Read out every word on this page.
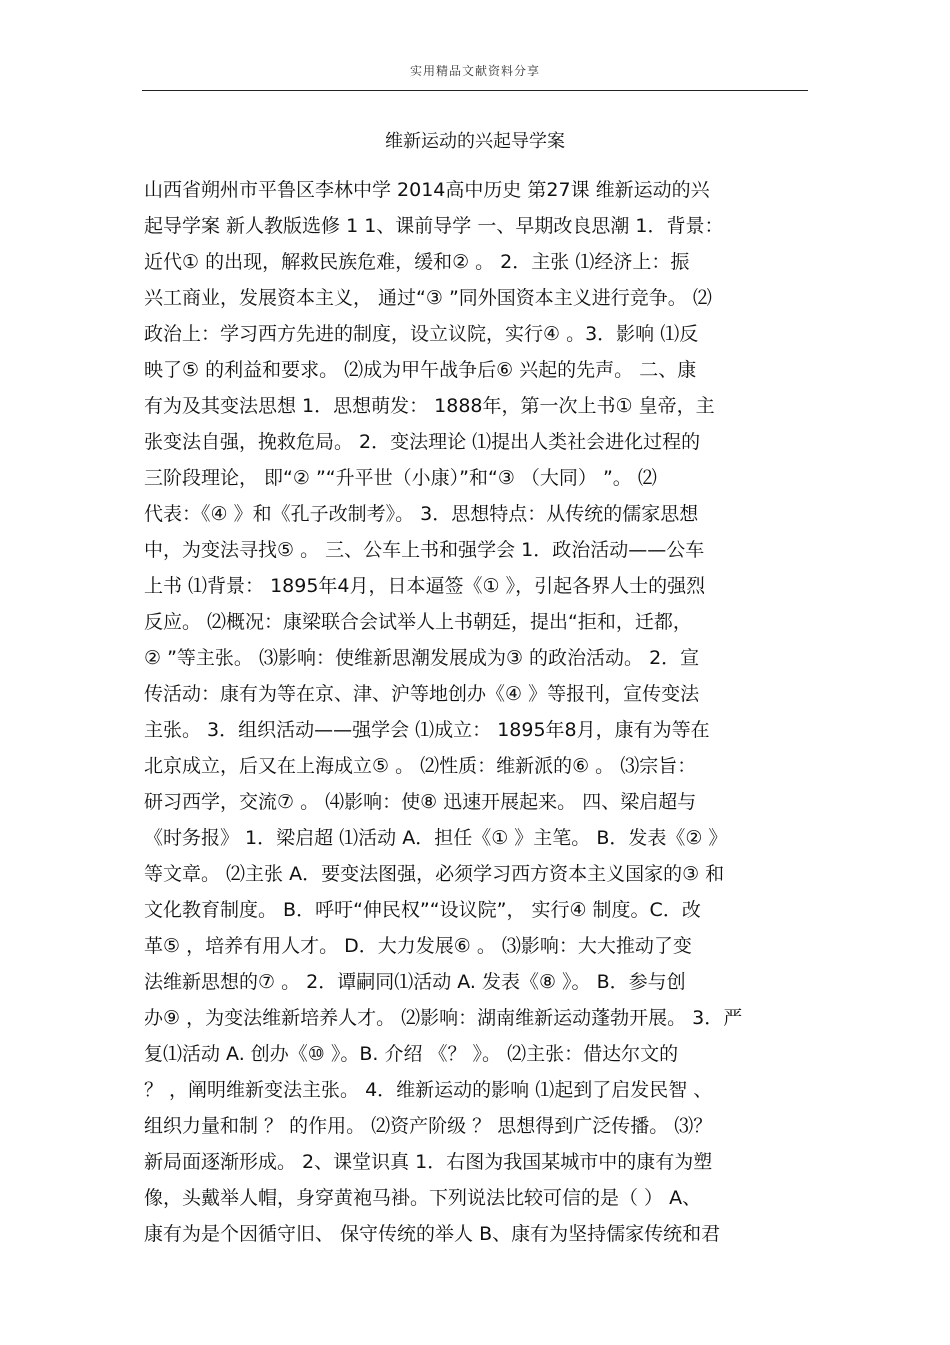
实用精品文献资料分享
维新运动的兴起导学案
山西省朔州市平鲁区李林中学 2014高中历史 第27课 维新运动的兴
起导学案 新人教版选修 1 1、课前导学 一、早期改良思潮 1．背景：
近代① 的出现，解救民族危难，缓和② 。 2．主张 ⑴经济上：振
兴工商业，发展资本主义， 通过“③ ”同外国资本主义进行竞争。 ⑵
政治上：学习西方先进的制度，设立议院，实行④ 。3．影响 ⑴反
映了⑤ 的利益和要求。 ⑵成为甲午战争后⑥ 兴起的先声。 二、康
有为及其变法思想 1．思想萌发： 1888年，第一次上书① 皇帝，主
张变法自强，挽救危局。 2．变法理论 ⑴提出人类社会进化过程的
三阶段理论， 即“② ”“升平世（小康）”和“③ （大同） ”。 ⑵
代表：《④ 》和《孔子改制考》。 3．思想特点：从传统的儒家思想
中，为变法寻找⑤ 。 三、公车上书和强学会 1．政治活动——公车
上书 ⑴背景： 1895年4月，日本逼签《① 》，引起各界人士的强烈
反应。 ⑵概况：康梁联合会试举人上书朝廷，提出“拒和，迁都，
② ”等主张。 ⑶影响：使维新思潮发展成为③ 的政治活动。 2．宣
传活动：康有为等在京、津、沪等地创办《④ 》等报刊，宣传变法
主张。 3．组织活动——强学会 ⑴成立： 1895年8月，康有为等在
北京成立，后又在上海成立⑤ 。 ⑵性质：维新派的⑥ 。 ⑶宗旨：
研习西学，交流⑦ 。 ⑷影响：使⑧ 迅速开展起来。 四、梁启超与
《时务报》 1．梁启超 ⑴活动 A．担任《① 》主笔。 B．发表《② 》
等文章。 ⑵主张 A．要变法图强，必须学习西方资本主义国家的③ 和
文化教育制度。 B．呼吁“伸民权”“设议院”， 实行④ 制度。C．改
革⑤ ，培养有用人才。 D．大力发展⑥ 。 ⑶影响：大大推动了变
法维新思想的⑦ 。 2．谭嗣同⑴活动 A. 发表《⑧ 》。 B．参与创
办⑨ ，为变法维新培养人才。 ⑵影响：湖南维新运动蓬勃开展。 3．严
复⑴活动 A. 创办《⑩ 》。B. 介绍 《？ 》。 ⑵主张：借达尔文的
？ ，阐明维新变法主张。 4．维新运动的影响 ⑴起到了启发民智 、
组织力量和制 ？ 的作用。 ⑵资产阶级 ？ 思想得到广泛传播。 ⑶？
新局面逐渐形成。 2、课堂识真 1．右图为我国某城市中的康有为塑
像，头戴举人帽，身穿黄袍马褂。下列说法比较可信的是（ ） A、
康有为是个因循守旧、 保守传统的举人 B、康有为坚持儒家传统和君
